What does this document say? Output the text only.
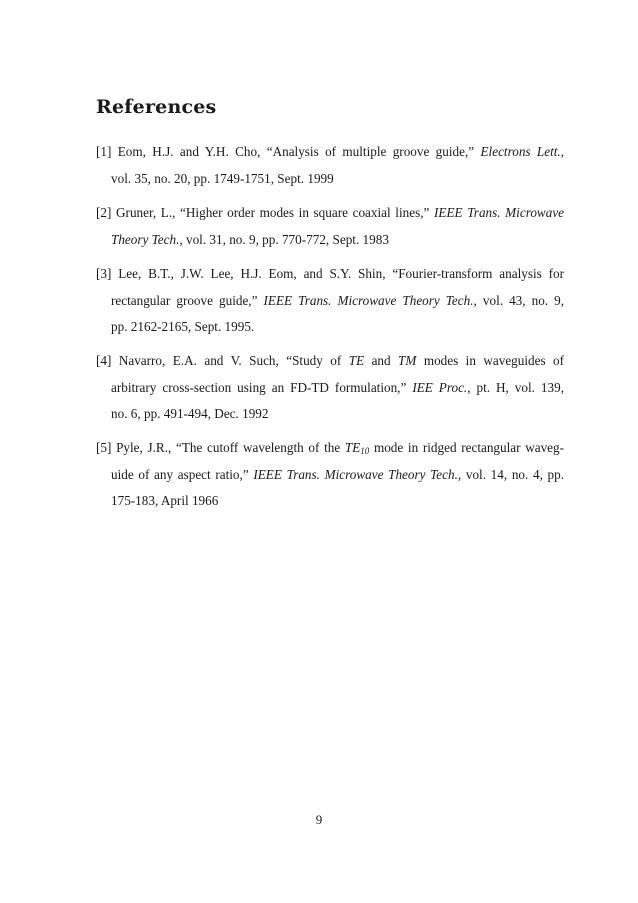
References
[1] Eom, H.J. and Y.H. Cho, “Analysis of multiple groove guide,” Electrons Lett.,
vol. 35, no. 20, pp. 1749-1751, Sept. 1999
[2] Gruner, L., “Higher order modes in square coaxial lines,” IEEE Trans. Microwave
Theory Tech., vol. 31, no. 9, pp. 770-772, Sept. 1983
[3] Lee, B.T., J.W. Lee, H.J. Eom, and S.Y. Shin, “Fourier-transform analysis for
rectangular groove guide,” IEEE Trans. Microwave Theory Tech., vol. 43, no. 9,
pp. 2162-2165, Sept. 1995.
[4] Navarro, E.A. and V. Such, “Study of TE and TM modes in waveguides of
arbitrary cross-section using an FD-TD formulation,” IEE Proc., pt. H, vol. 139,
no. 6, pp. 491-494, Dec. 1992
[5] Pyle, J.R., “The cutoff wavelength of the $TE_{10}$ mode in ridged rectangular waveg-
uide of any aspect ratio,” IEEE Trans. Microwave Theory Tech., vol. 14, no. 4, pp.
175-183, April 1966
9
